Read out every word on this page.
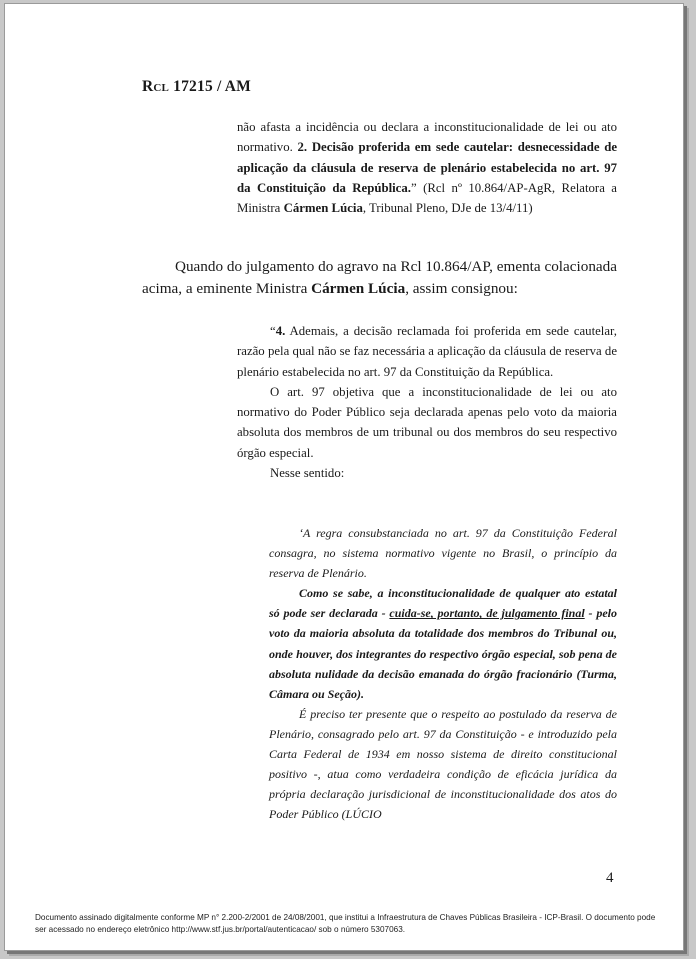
Rcl 17215 / AM
não afasta a incidência ou declara a inconstitucionalidade de lei ou ato normativo. 2. Decisão proferida em sede cautelar: desnecessidade de aplicação da cláusula de reserva de plenário estabelecida no art. 97 da Constituição da República.” (Rcl nº 10.864/AP-AgR, Relatora a Ministra Cármen Lúcia, Tribunal Pleno, DJe de 13/4/11)
Quando do julgamento do agravo na Rcl 10.864/AP, ementa colacionada acima, a eminente Ministra Cármen Lúcia, assim consignou:

“4. Ademais, a decisão reclamada foi proferida em sede cautelar, razão pela qual não se faz necessária a aplicação da cláusula de reserva de plenário estabelecida no art. 97 da Constituição da República.

O art. 97 objetiva que a inconstitucionalidade de lei ou ato normativo do Poder Público seja declarada apenas pelo voto da maioria absoluta dos membros de um tribunal ou dos membros do seu respectivo órgão especial.

Nesse sentido:

‘A regra consubstanciada no art. 97 da Constituição Federal consagra, no sistema normativo vigente no Brasil, o princípio da reserva de Plenário.

Como se sabe, a inconstitucionalidade de qualquer ato estatal só pode ser declarada - cuida-se, portanto, de julgamento final - pelo voto da maioria absoluta da totalidade dos membros do Tribunal ou, onde houver, dos integrantes do respectivo órgão especial, sob pena de absoluta nulidade da decisão emanada do órgão fracionário (Turma, Câmara ou Seção).

É preciso ter presente que o respeito ao postulado da reserva de Plenário, consagrado pelo art. 97 da Constituição - e introduzido pela Carta Federal de 1934 em nosso sistema de direito constitucional positivo -, atua como verdadeira condição de eficácia jurídica da própria declaração jurisdicional de inconstitucionalidade dos atos do Poder Público (LÚCIO

4
Documento assinado digitalmente conforme MP n° 2.200-2/2001 de 24/08/2001, que institui a Infraestrutura de Chaves Públicas Brasileira - ICP-Brasil. O documento pode ser acessado no endereço eletrônico http://www.stf.jus.br/portal/autenticacao/ sob o número 5307063.
